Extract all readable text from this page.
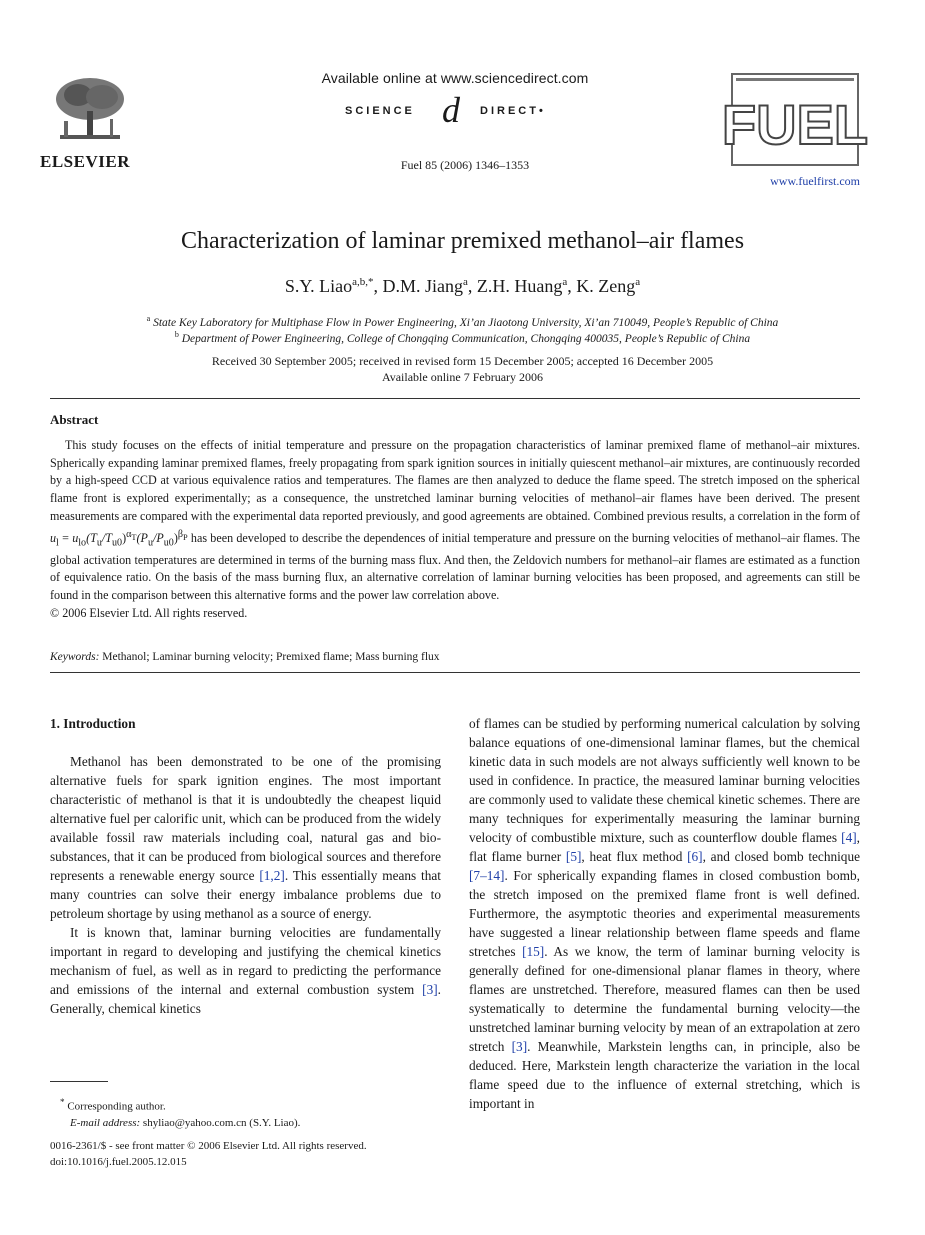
ELSEVIER
Available online at www.sciencedirect.com
SCIENCE d DIRECT•
Fuel 85 (2006) 1346–1353
FUEL
www.fuelfirst.com
Characterization of laminar premixed methanol–air flames
S.Y. Liao$^{a,b,*}$, D.M. Jiang$^a$, Z.H. Huang$^a$, K. Zeng$^a$
$^a$ State Key Laboratory for Multiphase Flow in Power Engineering, Xi’an Jiaotong University, Xi’an 710049, People’s Republic of China
$^b$ Department of Power Engineering, College of Chongqing Communication, Chongqing 400035, People’s Republic of China
Received 30 September 2005; received in revised form 15 December 2005; accepted 16 December 2005
Available online 7 February 2006
Abstract

This study focuses on the effects of initial temperature and pressure on the propagation characteristics of laminar premixed flame of methanol–air mixtures. Spherically expanding laminar premixed flames, freely propagating from spark ignition sources in initially quiescent methanol–air mixtures, are continuously recorded by a high-speed CCD at various equivalence ratios and temperatures. The flames are then analyzed to deduce the flame speed. The stretch imposed on the spherical flame front is explored experimentally; as a consequence, the unstretched laminar burning velocities of methanol–air flames have been derived. The present measurements are compared with the experimental data reported previously, and good agreements are obtained. Combined previous results, a correlation in the form of $u_l = u_{lo}(T_u/T_{u0})^{\alpha_T}(P_u/P_{u0})^{\beta_P}$ has been developed to describe the dependences of initial temperature and pressure on the burning velocities of methanol–air flames. The global activation temperatures are determined in terms of the burning mass flux. And then, the Zeldovich numbers for methanol–air flames are estimated as a function of equivalence ratio. On the basis of the mass burning flux, an alternative correlation of laminar burning velocities has been proposed, and agreements can still be found in the comparison between this alternative forms and the power law correlation above.

© 2006 Elsevier Ltd. All rights reserved.

Keywords: Methanol; Laminar burning velocity; Premixed flame; Mass burning flux

1. Introduction

Methanol has been demonstrated to be one of the promising alternative fuels for spark ignition engines. The most important characteristic of methanol is that it is undoubtedly the cheapest liquid alternative fuel per calorific unit, which can be produced from the widely available fossil raw materials including coal, natural gas and bio-substances, that it can be produced from biological sources and therefore represents a renewable energy source [1,2]. This essentially means that many countries can solve their energy imbalance problems due to petroleum shortage by using methanol as a source of energy.

It is known that, laminar burning velocities are fundamentally important in regard to developing and justifying the chemical kinetics mechanism of fuel, as well as in regard to predicting the performance and emissions of the internal and external combustion system [3]. Generally, chemical kinetics

* Corresponding author.
E-mail address: shyliao@yahoo.com.cn (S.Y. Liao).
0016-2361/$ - see front matter © 2006 Elsevier Ltd. All rights reserved.
doi:10.1016/j.fuel.2005.12.015

of flames can be studied by performing numerical calculation by solving balance equations of one-dimensional laminar flames, but the chemical kinetic data in such models are not always sufficiently well known to be used in confidence. In practice, the measured laminar burning velocities are commonly used to validate these chemical kinetic schemes. There are many techniques for experimentally measuring the laminar burning velocity of combustible mixture, such as counterflow double flames [4], flat flame burner [5], heat flux method [6], and closed bomb technique [7–14]. For spherically expanding flames in closed combustion bomb, the stretch imposed on the premixed flame front is well defined. Furthermore, the asymptotic theories and experimental measurements have suggested a linear relationship between flame speeds and flame stretches [15]. As we know, the term of laminar burning velocity is generally defined for one-dimensional planar flames in theory, where flames are unstretched. Therefore, measured flames can then be used systematically to determine the fundamental burning velocity—the unstretched laminar burning velocity by mean of an extrapolation at zero stretch [3]. Meanwhile, Markstein lengths can, in principle, also be deduced. Here, Markstein length characterize the variation in the local flame speed due to the influence of external stretching, which is important in
